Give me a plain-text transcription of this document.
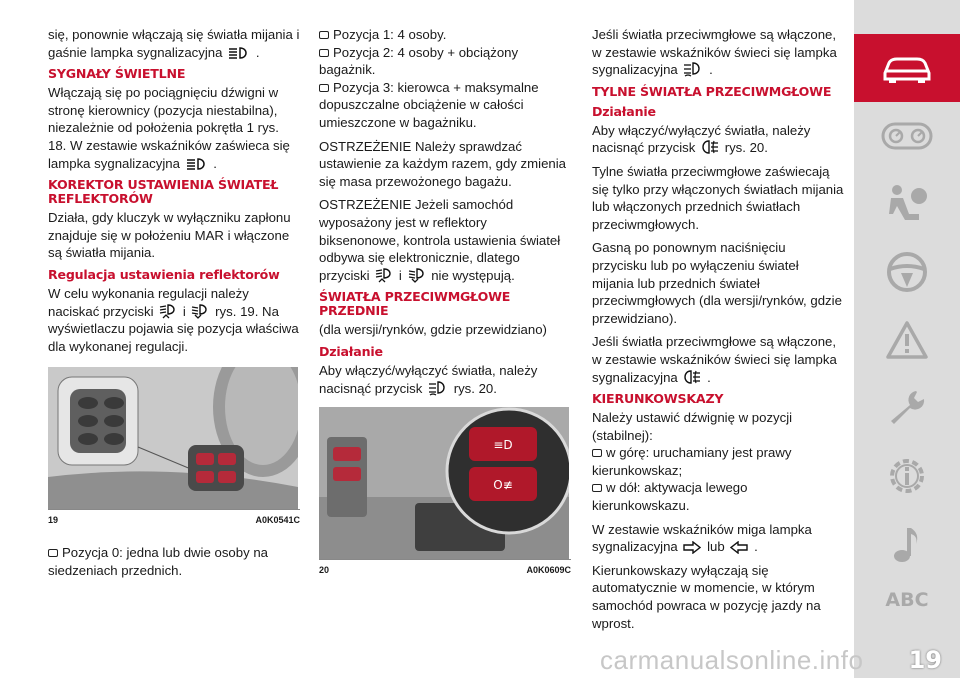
się, ponownie włączają się światła mijania i gaśnie lampka sygnalizacyjna	.

SYGNAŁY ŚWIETLNE

Włączają się po pociągnięciu dźwigni w stronę kierownicy (pozycja niestabilna), niezależnie od położenia pokrętła 1 rys. 18. W zestawie wskaźników zaświeca się lampka sygnalizacyjna	.

KOREKTOR USTAWIENIA ŚWIATEŁ REFLEKTORÓW

Działa, gdy kluczyk w wyłączniku zapłonu znajduje się w położeniu MAR i włączone są światła mijania.

Regulacja ustawienia reflektorów

W celu wykonania regulacji należy naciskać przyciski i rys. 19. Na wyświetlaczu pojawia się pozycja właściwa dla wykonanej regulacji.

19	A0K0541C

Pozycja 0: jedna lub dwie osoby na siedzeniach przednich.

Pozycja 1: 4 osoby.

Pozycja 2: 4 osoby + obciążony bagażnik.

Pozycja 3: kierowca + maksymalne dopuszczalne obciążenie w całości umieszczone w bagażniku.

OSTRZEŻENIE Należy sprawdzać ustawienie za każdym razem, gdy zmienia się masa przewożonego bagażu.

OSTRZEŻENIE Jeżeli samochód wyposażony jest w reflektory biksenonowe, kontrola ustawienia świateł odbywa się elektronicznie, dlatego przyciski i nie występują.

ŚWIATŁA PRZECIWMGŁOWE PRZEDNIE

(dla wersji/rynków, gdzie przewidziano)

Działanie

Aby włączyć/wyłączyć światła, należy nacisnąć przycisk rys. 20.

≡D
O≢
20	A0K0609C

Jeśli światła przeciwmgłowe są włączone, w zestawie wskaźników świeci się lampka sygnalizacyjna .

TYLNE ŚWIATŁA PRZECIWMGŁOWE
Działanie

Aby włączyć/wyłączyć światła, należy nacisnąć przycisk rys. 20.

Tylne światła przeciwmgłowe zaświecają się tylko przy włączonych światłach mijania lub włączonych przednich światłach przeciwmgłowych.

Gasną po ponownym naciśnięciu przycisku lub po wyłączeniu świateł mijania lub przednich świateł przeciwmgłowych (dla wersji/rynków, gdzie przewidziano).

Jeśli światła przeciwmgłowe są włączone, w zestawie wskaźników świeci się lampka sygnalizacyjna .

KIERUNKOWSKAZY

Należy ustawić dźwignię w pozycji (stabilnej):

w górę: uruchamiany jest prawy kierunkowskaz;

w dół: aktywacja lewego kierunkowskazu.

W zestawie wskaźników miga lampka sygnalizacyjna lub .

Kierunkowskazy wyłączają się automatycznie w momencie, w którym samochód powraca w pozycję jazdy na wprost.

ABC
19
carmanualsonline.info
